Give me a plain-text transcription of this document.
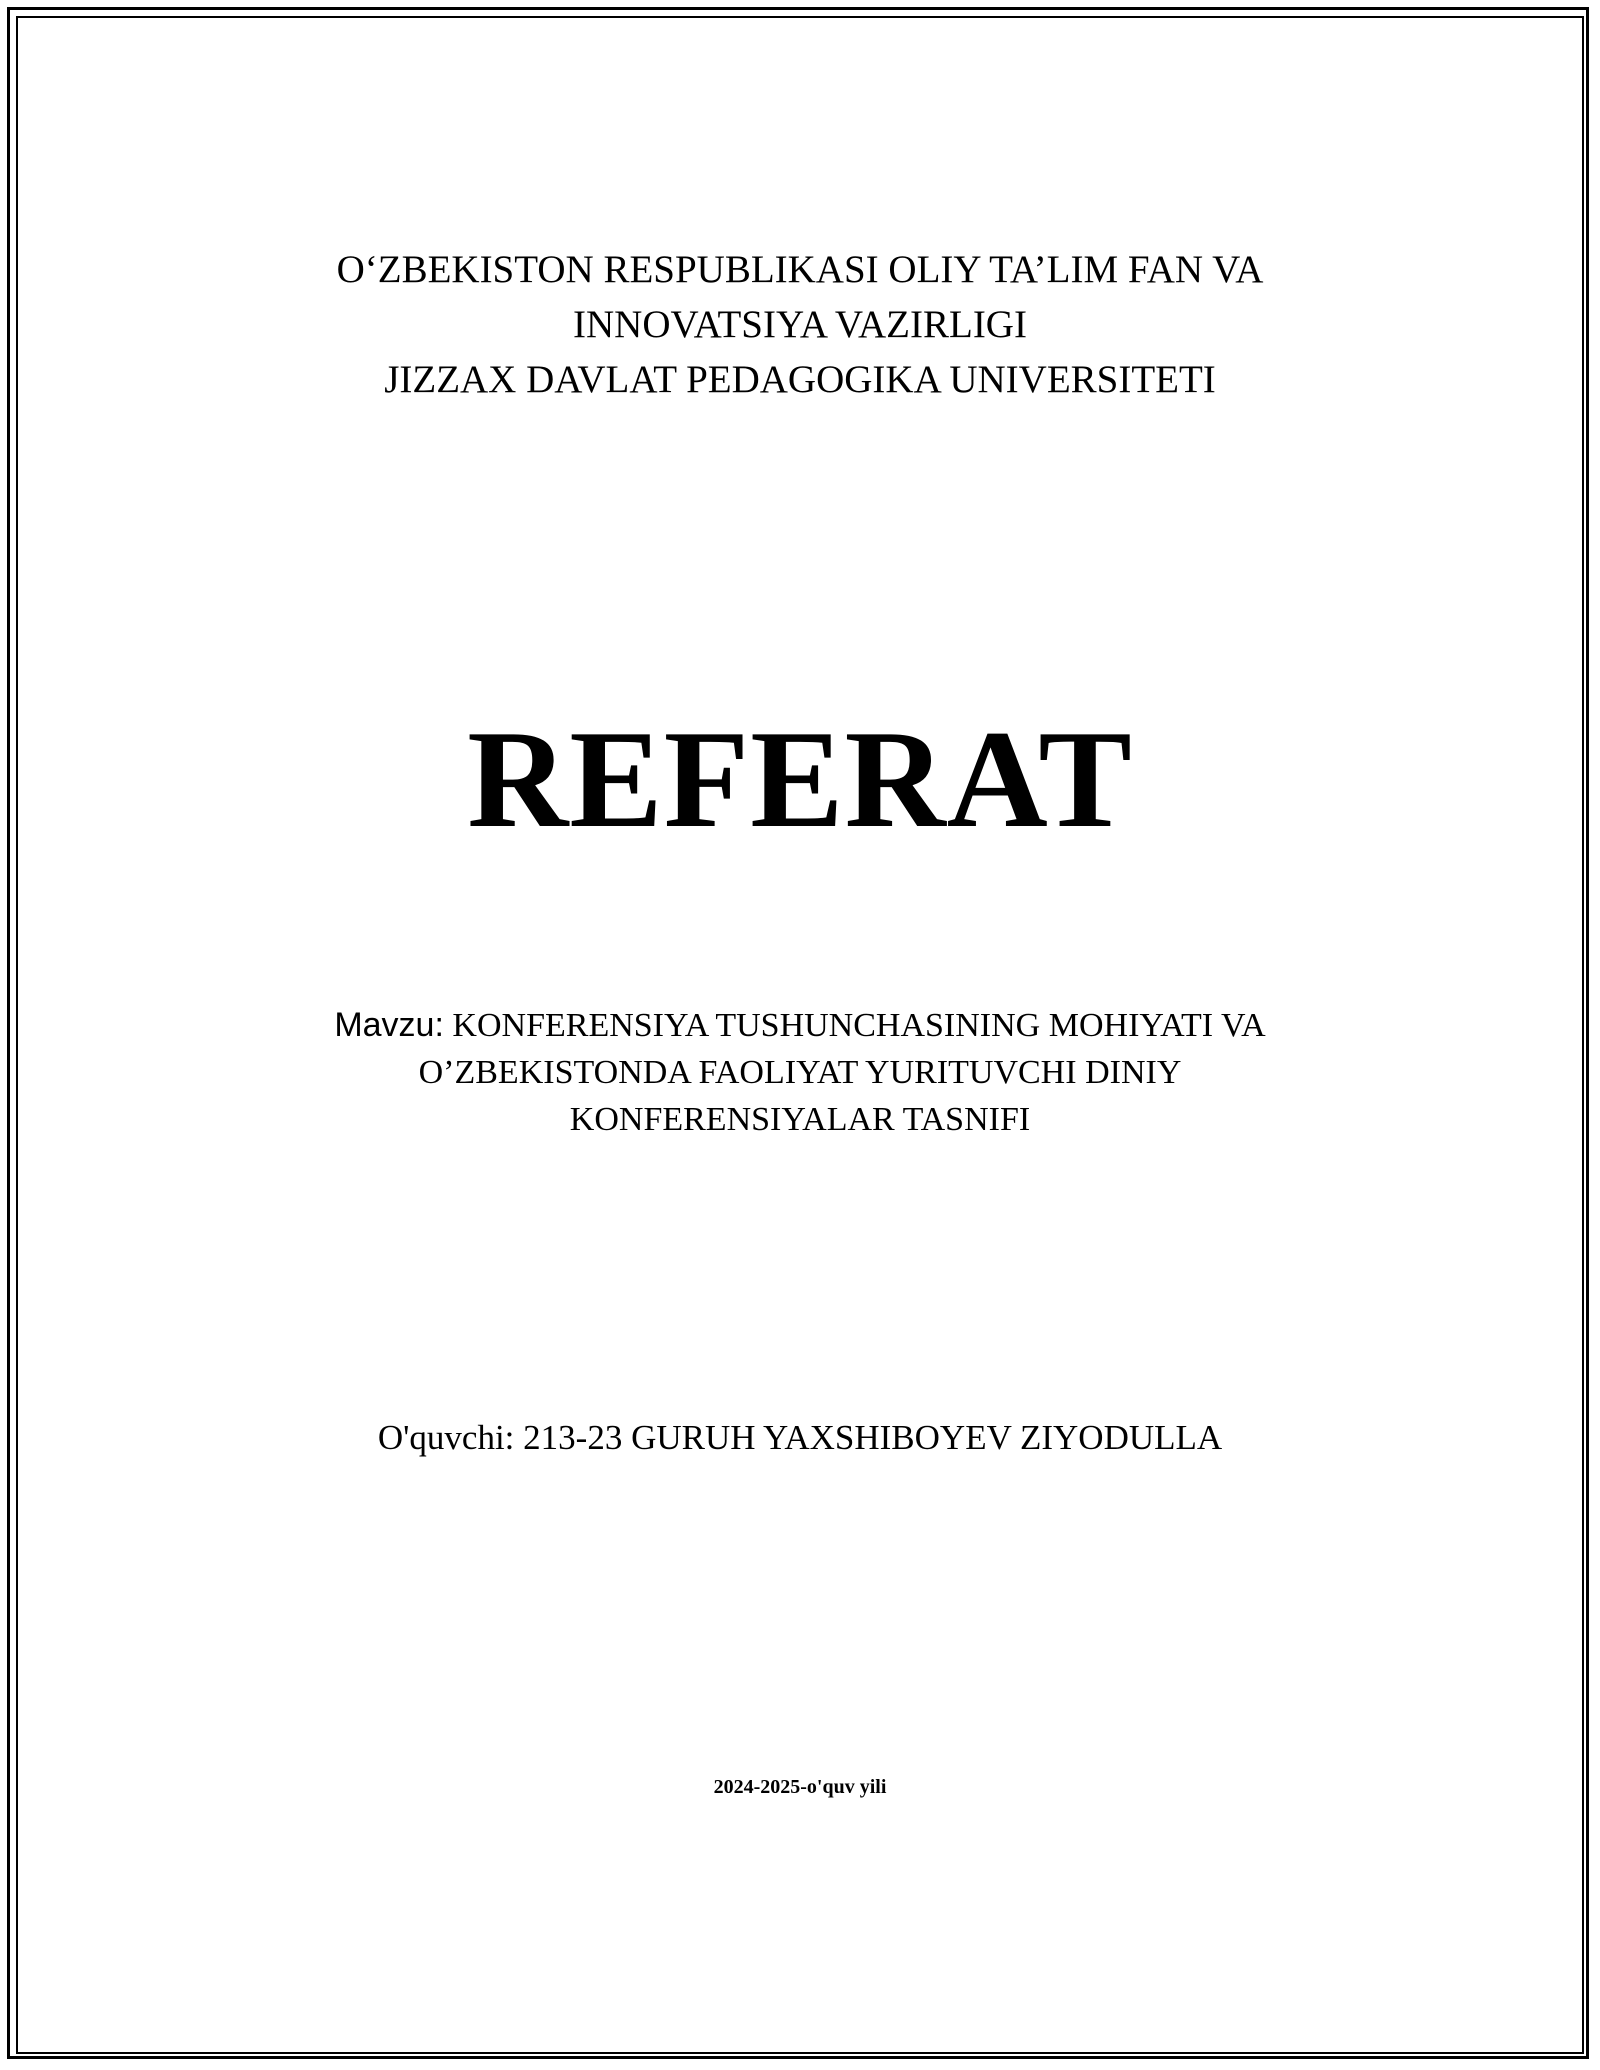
O‘ZBEKISTON RESPUBLIKASI OLIY TA’LIM FAN VA
INNOVATSIYA VAZIRLIGI
JIZZAX DAVLAT PEDAGOGIKA UNIVERSITETI
REFERAT
Mavzu: KONFERENSIYA TUSHUNCHASINING MOHIYATI VA
O’ZBEKISTONDA FAOLIYAT YURITUVCHI DINIY
KONFERENSIYALAR TASNIFI
O'quvchi: 213-23 GURUH YAXSHIBOYEV ZIYODULLA
2024-2025-o'quv yili
